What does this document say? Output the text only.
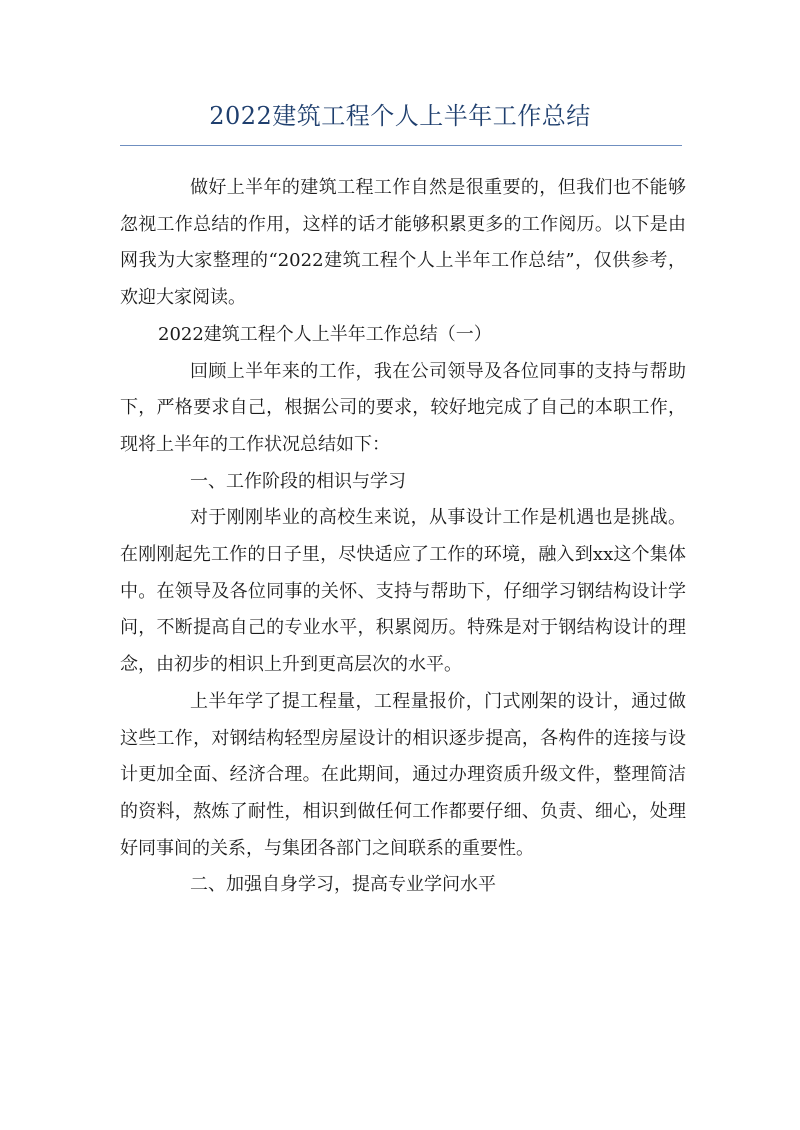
2022建筑工程个人上半年工作总结

做好上半年的建筑工程工作自然是很重要的，但我们也不能够忽视工作总结的作用，这样的话才能够积累更多的工作阅历。以下是由网我为大家整理的“2022建筑工程个人上半年工作总结”，仅供参考，欢迎大家阅读。

2022建筑工程个人上半年工作总结（一）

回顾上半年来的工作，我在公司领导及各位同事的支持与帮助下，严格要求自己，根据公司的要求，较好地完成了自己的本职工作，现将上半年的工作状况总结如下：

一、工作阶段的相识与学习

对于刚刚毕业的高校生来说，从事设计工作是机遇也是挑战。在刚刚起先工作的日子里，尽快适应了工作的环境，融入到xx这个集体中。在领导及各位同事的关怀、支持与帮助下，仔细学习钢结构设计学问，不断提高自己的专业水平，积累阅历。特殊是对于钢结构设计的理念，由初步的相识上升到更高层次的水平。

上半年学了提工程量，工程量报价，门式刚架的设计，通过做这些工作，对钢结构轻型房屋设计的相识逐步提高，各构件的连接与设计更加全面、经济合理。在此期间，通过办理资质升级文件，整理简洁的资料，熬炼了耐性，相识到做任何工作都要仔细、负责、细心，处理好同事间的关系，与集团各部门之间联系的重要性。

二、加强自身学习，提高专业学问水平
